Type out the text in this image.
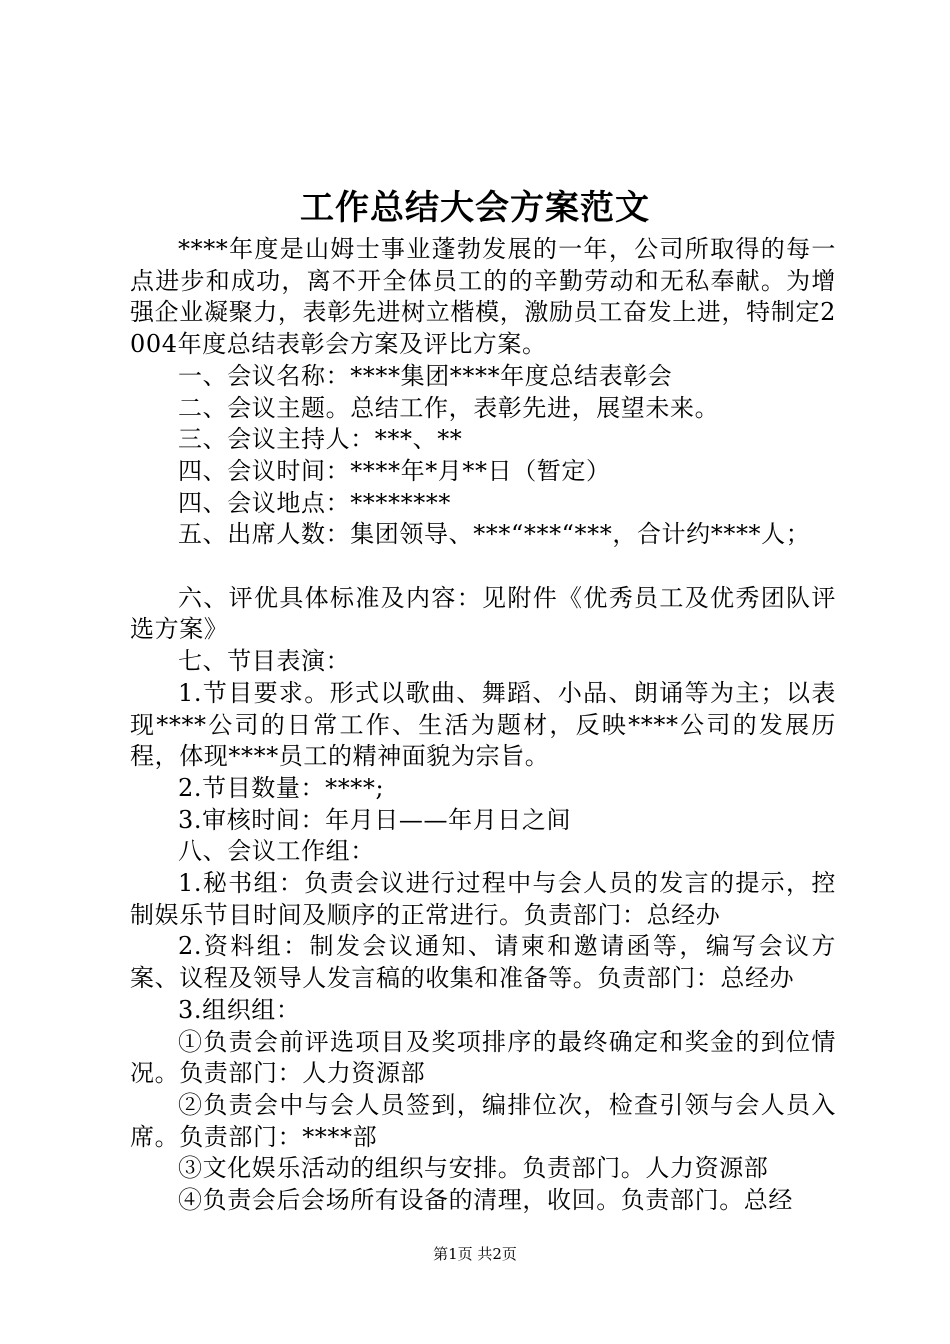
工作总结大会方案范文

****年度是山姆士事业蓬勃发展的一年，公司所取得的每一点进步和成功，离不开全体员工的的辛勤劳动和无私奉献。为增强企业凝聚力，表彰先进树立楷模，激励员工奋发上进，特制定2004年度总结表彰会方案及评比方案。

一、会议名称：****集团****年度总结表彰会

二、会议主题。总结工作，表彰先进，展望未来。

三、会议主持人：***、**

四、会议时间：****年*月**日（暂定）

四、会议地点：********

五、出席人数：集团领导、***“***“***，合计约****人；

六、评优具体标准及内容：见附件《优秀员工及优秀团队评选方案》

七、节目表演：

1.节目要求。形式以歌曲、舞蹈、小品、朗诵等为主；以表现****公司的日常工作、生活为题材，反映****公司的发展历程，体现****员工的精神面貌为宗旨。

2.节目数量：****;

3.审核时间：年月日——年月日之间

八、会议工作组：

1.秘书组：负责会议进行过程中与会人员的发言的提示，控制娱乐节目时间及顺序的正常进行。负责部门：总经办

2.资料组：制发会议通知、请柬和邀请函等，编写会议方案、议程及领导人发言稿的收集和准备等。负责部门：总经办

3.组织组：

①负责会前评选项目及奖项排序的最终确定和奖金的到位情况。负责部门：人力资源部

②负责会中与会人员签到，编排位次，检查引领与会人员入席。负责部门：****部

③文化娱乐活动的组织与安排。负责部门。人力资源部

④负责会后会场所有设备的清理，收回。负责部门。总经

第1页 共2页
